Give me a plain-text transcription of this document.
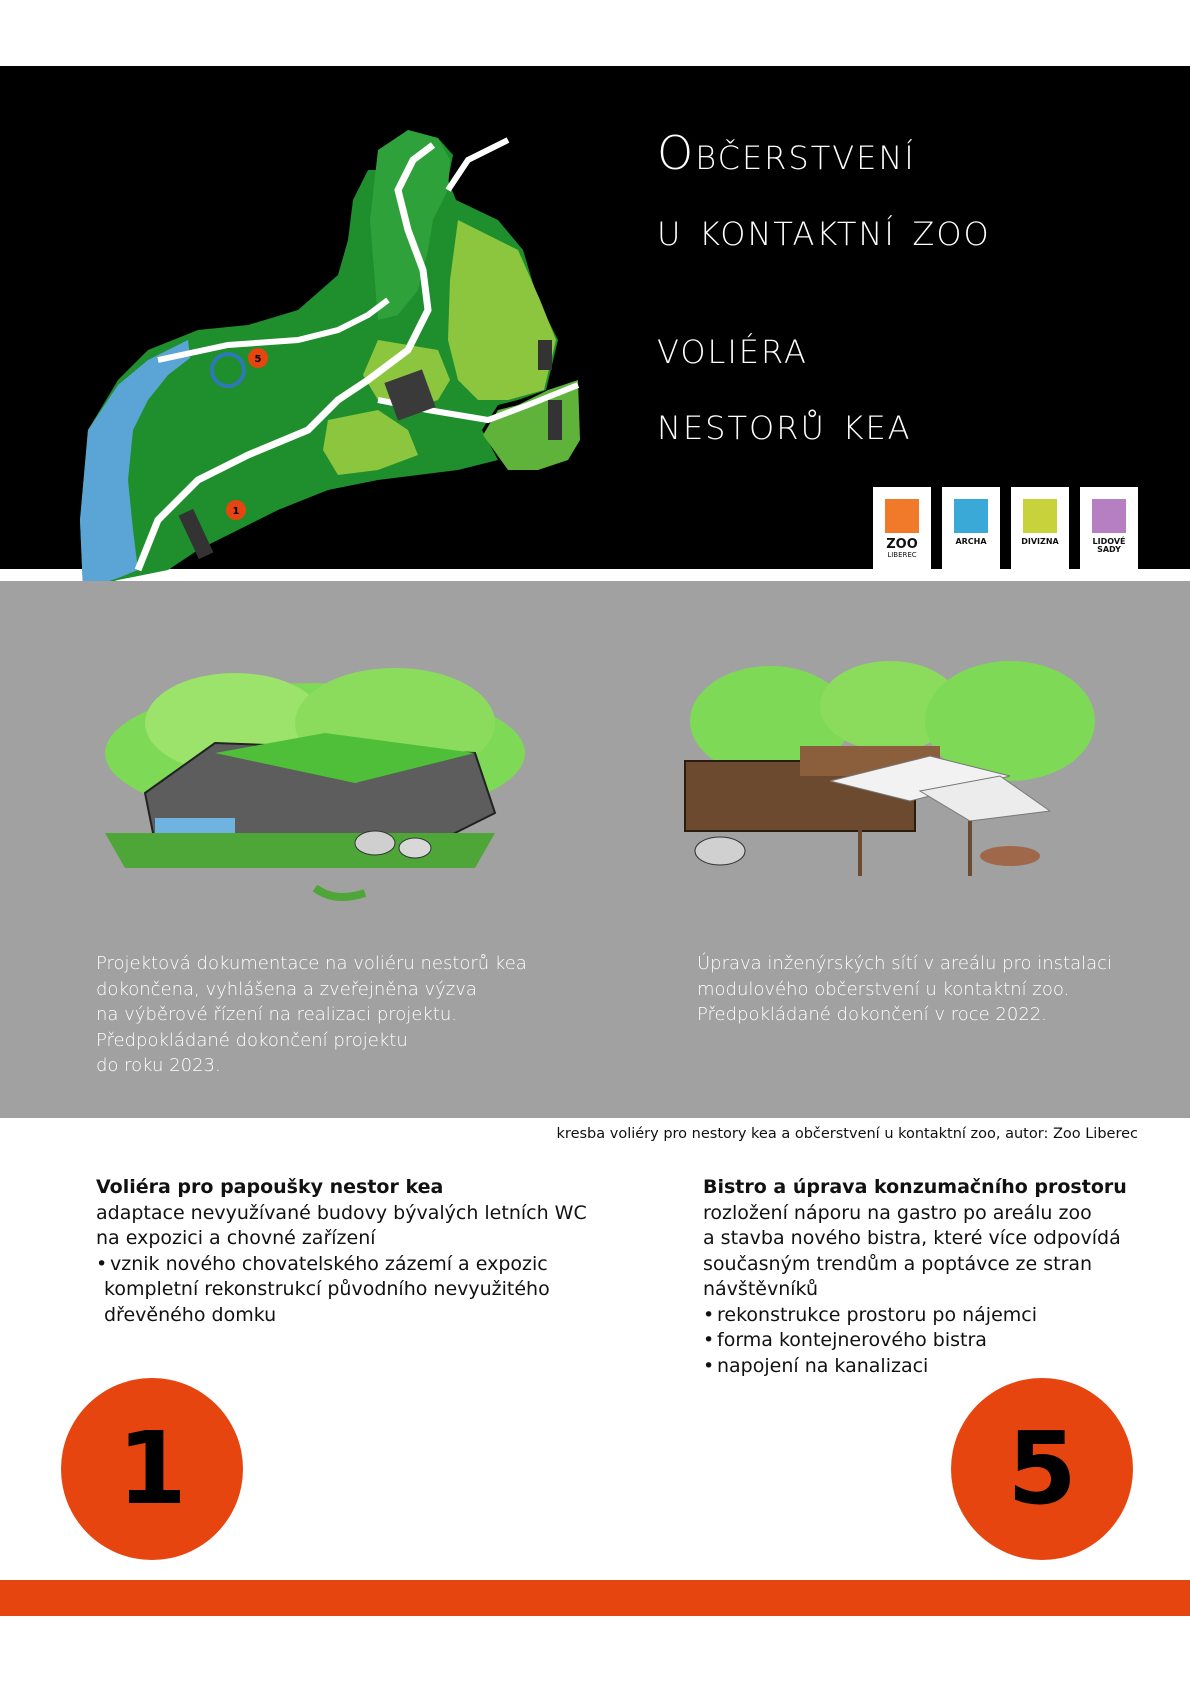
5
1
Občerstvení
u kontaktní zoo
voliéra
nestorů kea
ZOO
LIBEREC
ARCHA	DIVIZNA	LIDOVÉ
SADY
Projektová dokumentace na voliéru nestorů kea
dokončena, vyhlášena a zveřejněna výzva
na výběrové řízení na realizaci projektu.
Předpokládané dokončení projektu
do roku 2023.
Úprava inženýrských sítí v areálu pro instalaci
modulového občerstvení u kontaktní zoo.
Předpokládané dokončení v roce 2022.
kresba voliéry pro nestory kea a občerstvení u kontaktní zoo, autor: Zoo Liberec
Voliéra pro papoušky nestor kea
adaptace nevyužívané budovy bývalých letních WC
na expozici a chovné zařízení
• vznik nového chovatelského zázemí a expozic
kompletní rekonstrukcí původního nevyužitého
dřevěného domku
Bistro a úprava konzumačního prostoru
rozložení náporu na gastro po areálu zoo
a stavba nového bistra, které více odpovídá
současným trendům a poptávce ze stran
návštěvníků
• rekonstrukce prostoru po nájemci
• forma kontejnerového bistra
• napojení na kanalizaci
1	5
